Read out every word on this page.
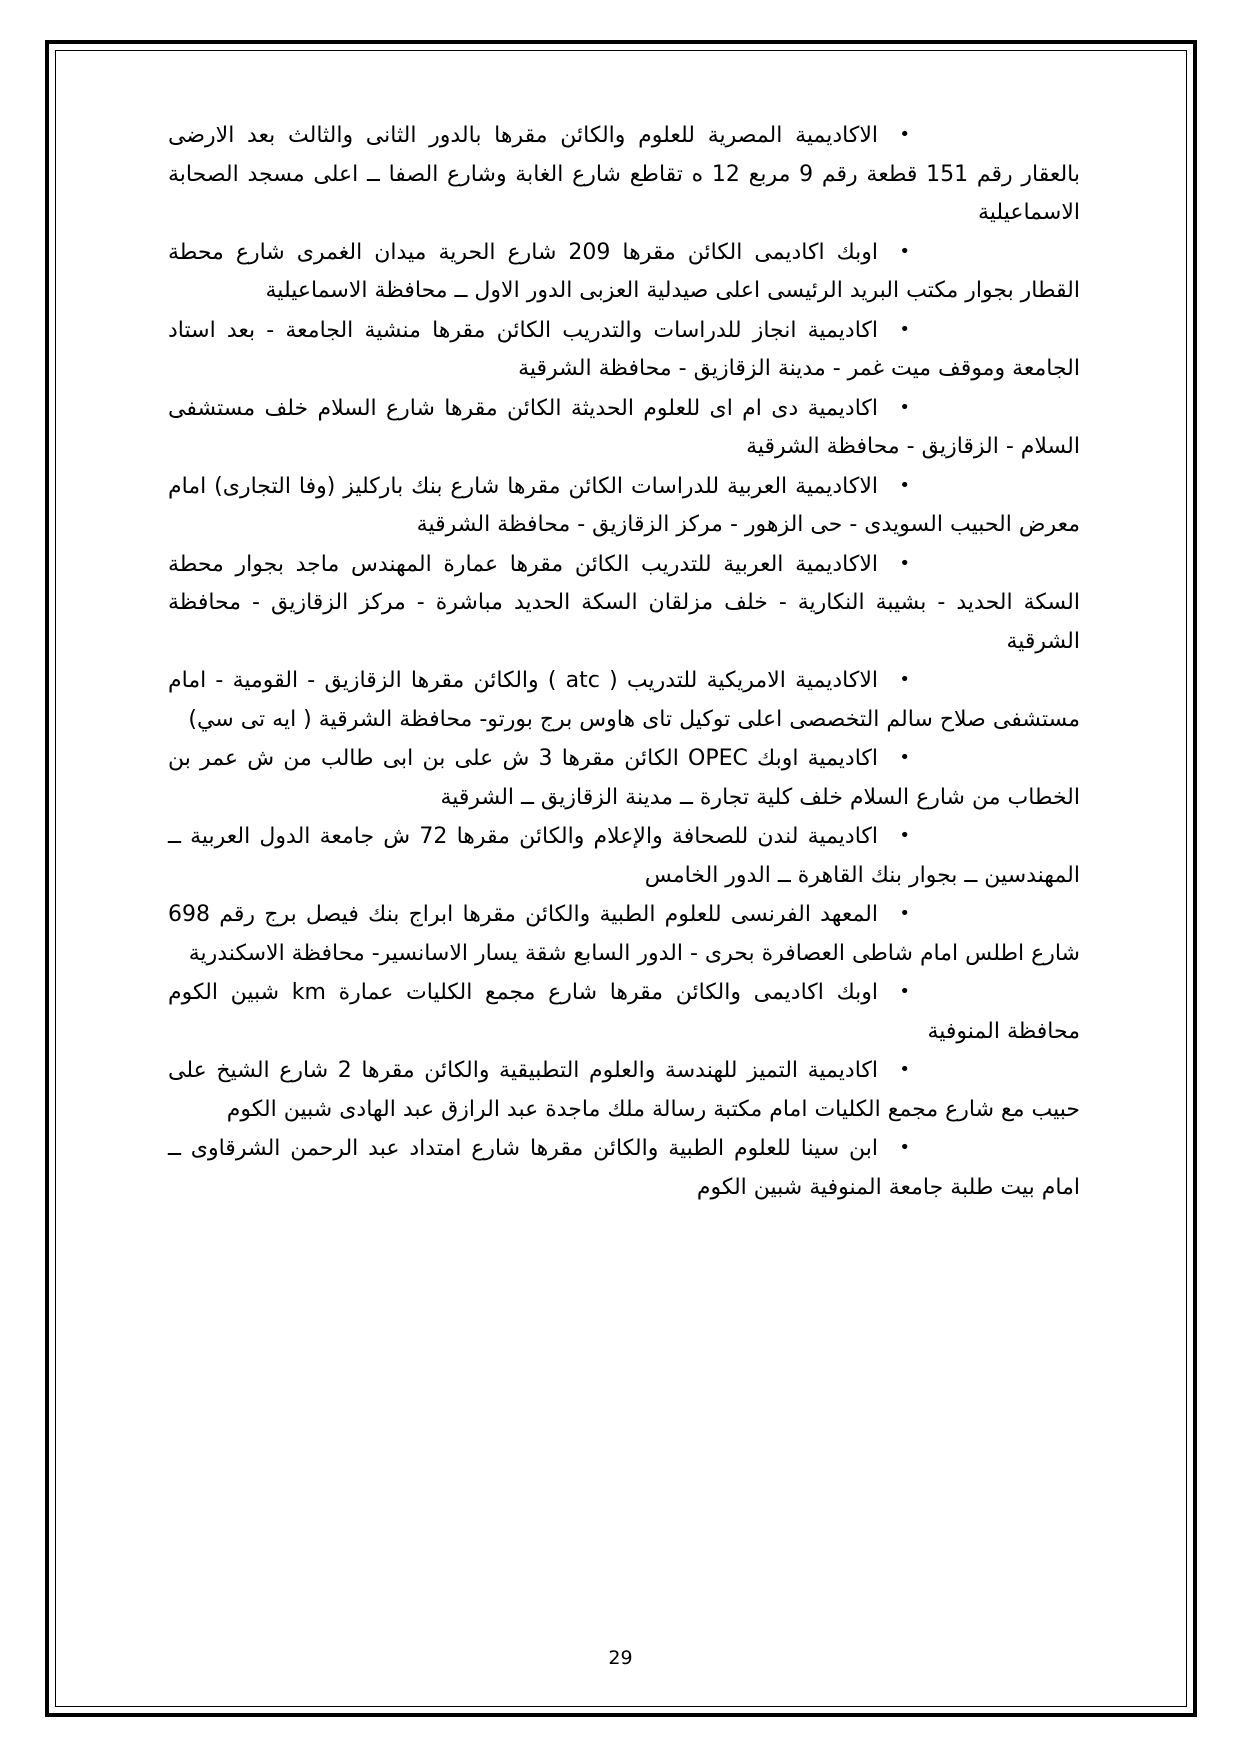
•الاكاديمية المصرية للعلوم والكائن مقرها بالدور الثانى والثالث بعد الارضى بالعقار رقم 151 قطعة رقم 9 مربع 12 ه تقاطع شارع الغابة وشارع الصفا ــ اعلى مسجد الصحابة الاسماعيلية
•اوبك اكاديمى الكائن مقرها 209 شارع الحرية ميدان الغمرى شارع محطة القطار بجوار مكتب البريد الرئيسى اعلى صيدلية العزبى الدور الاول ــ محافظة الاسماعيلية
•اكاديمية انجاز للدراسات والتدريب الكائن مقرها منشية الجامعة - بعد استاد الجامعة وموقف ميت غمر - مدينة الزقازيق - محافظة الشرقية
•اكاديمية دى ام اى للعلوم الحديثة الكائن مقرها شارع السلام خلف مستشفى السلام - الزقازيق - محافظة الشرقية
•الاكاديمية العربية للدراسات الكائن مقرها شارع بنك باركليز (وفا التجارى) امام معرض الحبيب السويدى - حى الزهور - مركز الزقازيق - محافظة الشرقية
•الاكاديمية العربية للتدريب الكائن مقرها عمارة المهندس ماجد بجوار محطة السكة الحديد - بشيبة النكارية - خلف مزلقان السكة الحديد مباشرة - مركز الزقازيق - محافظة الشرقية
•الاكاديمية الامريكية للتدريب ( atc ) والكائن مقرها الزقازيق - القومية - امام مستشفى صلاح سالم التخصصى اعلى توكيل تاى هاوس برج بورتو- محافظة الشرقية ( ايه تى سي)
•اكاديمية اوبك OPEC الكائن مقرها 3 ش على بن ابى طالب من ش عمر بن الخطاب من شارع السلام خلف كلية تجارة ــ مدينة الزقازيق ــ الشرقية
•اكاديمية لندن للصحافة والإعلام والكائن مقرها 72 ش جامعة الدول العربية ــ المهندسين ــ بجوار بنك القاهرة ــ الدور الخامس
•المعهد الفرنسى للعلوم الطبية والكائن مقرها ابراج بنك فيصل برج رقم 698 شارع اطلس امام شاطى العصافرة بحرى - الدور السابع شقة يسار الاسانسير- محافظة الاسكندرية
•اوبك اكاديمى والكائن مقرها شارع مجمع الكليات عمارة km شبين الكوم محافظة المنوفية
•اكاديمية التميز للهندسة والعلوم التطبيقية والكائن مقرها 2 شارع الشيخ على حبيب مع شارع مجمع الكليات امام مكتبة رسالة ملك ماجدة عبد الرازق عبد الهادى شبين الكوم
•ابن سينا للعلوم الطبية والكائن مقرها شارع امتداد عبد الرحمن الشرقاوى ــ امام بيت طلبة جامعة المنوفية شبين الكوم
29
